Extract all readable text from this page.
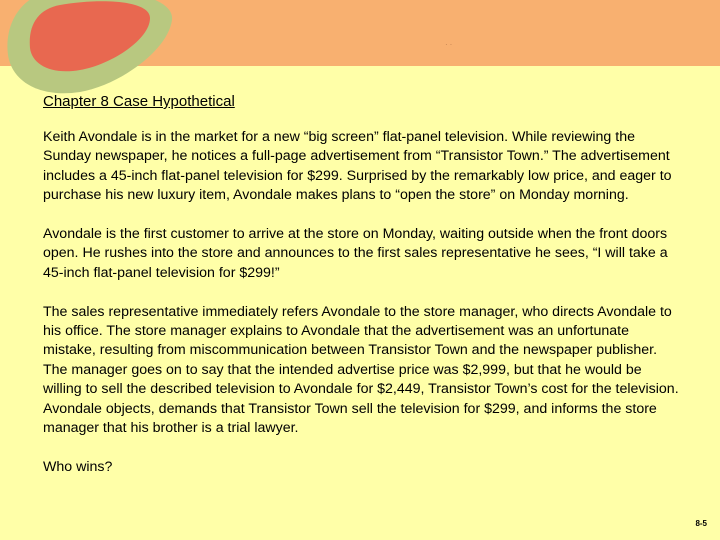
··
Chapter 8 Case Hypothetical

Keith Avondale is in the market for a new “big screen” flat-panel television. While reviewing the Sunday newspaper, he notices a full-page advertisement from “Transistor Town.” The advertisement includes a 45-inch flat-panel television for $299. Surprised by the remarkably low price, and eager to purchase his new luxury item, Avondale makes plans to “open the store” on Monday morning.

Avondale is the first customer to arrive at the store on Monday, waiting outside when the front doors open. He rushes into the store and announces to the first sales representative he sees, “I will take a 45-inch flat-panel television for $299!”

The sales representative immediately refers Avondale to the store manager, who directs Avondale to his office. The store manager explains to Avondale that the advertisement was an unfortunate mistake, resulting from miscommunication between Transistor Town and the newspaper publisher. The manager goes on to say that the intended advertise price was $2,999, but that he would be willing to sell the described television to Avondale for $2,449, Transistor Town’s cost for the television. Avondale objects, demands that Transistor Town sell the television for $299, and informs the store manager that his brother is a trial lawyer.

Who wins?

8-5
